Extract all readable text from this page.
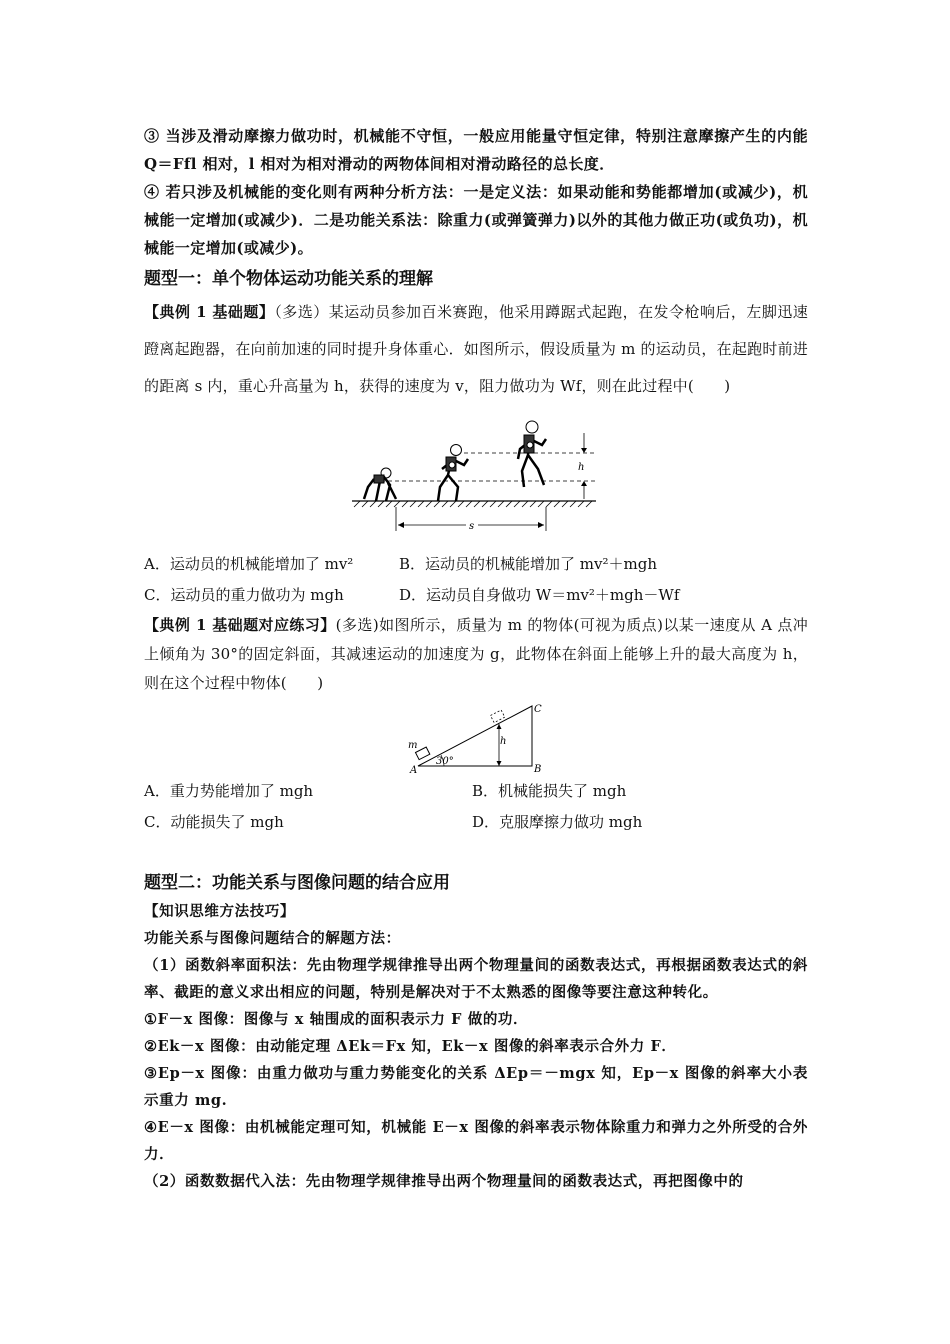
③ 当涉及滑动摩擦力做功时，机械能不守恒，一般应用能量守恒定律，特别注意摩擦产生的内能 Q＝Ffl 相对，l 相对为相对滑动的两物体间相对滑动路径的总长度．
④ 若只涉及机械能的变化则有两种分析方法：一是定义法：如果动能和势能都增加(或减少)，机械能一定增加(或减少)．二是功能关系法：除重力(或弹簧弹力)以外的其他力做正功(或负功)，机械能一定增加(或减少)。
题型一：单个物体运动功能关系的理解
【典例 1 基础题】（多选）某运动员参加百米赛跑，他采用蹲踞式起跑，在发令枪响后，左脚迅速蹬离起跑器，在向前加速的同时提升身体重心．如图所示，假设质量为 m 的运动员，在起跑时前进的距离 s 内，重心升高量为 h，获得的速度为 v，阻力做功为 Wf，则在此过程中(　　)
h
s
A．运动员的机械能增加了 mv²	B．运动员的机械能增加了 mv²＋mgh
C．运动员的重力做功为 mgh	D．运动员自身做功 W＝mv²＋mgh－Wf
【典例 1 基础题对应练习】(多选)如图所示，质量为 m 的物体(可视为质点)以某一速度从 A 点冲上倾角为 30°的固定斜面，其减速运动的加速度为 g，此物体在斜面上能够上升的最大高度为 h，则在这个过程中物体(　　)
A	B
C
m
30°
h
A．重力势能增加了 mgh	B．机械能损失了 mgh
C．动能损失了 mgh	D．克服摩擦力做功 mgh
题型二：功能关系与图像问题的结合应用
【知识思维方法技巧】
功能关系与图像问题结合的解题方法：
（1）函数斜率面积法：先由物理学规律推导出两个物理量间的函数表达式，再根据函数表达式的斜率、截距的意义求出相应的问题，特别是解决对于不太熟悉的图像等要注意这种转化。
①F－x 图像：图像与 x 轴围成的面积表示力 F 做的功．
②Ek－x 图像：由动能定理 ΔEk＝Fx 知，Ek－x 图像的斜率表示合外力 F．
③Ep－x 图像：由重力做功与重力势能变化的关系 ΔEp＝－mgx 知，Ep－x 图像的斜率大小表示重力 mg.
④E－x 图像：由机械能定理可知，机械能 E－x 图像的斜率表示物体除重力和弹力之外所受的合外力．
（2）函数数据代入法：先由物理学规律推导出两个物理量间的函数表达式，再把图像中的
